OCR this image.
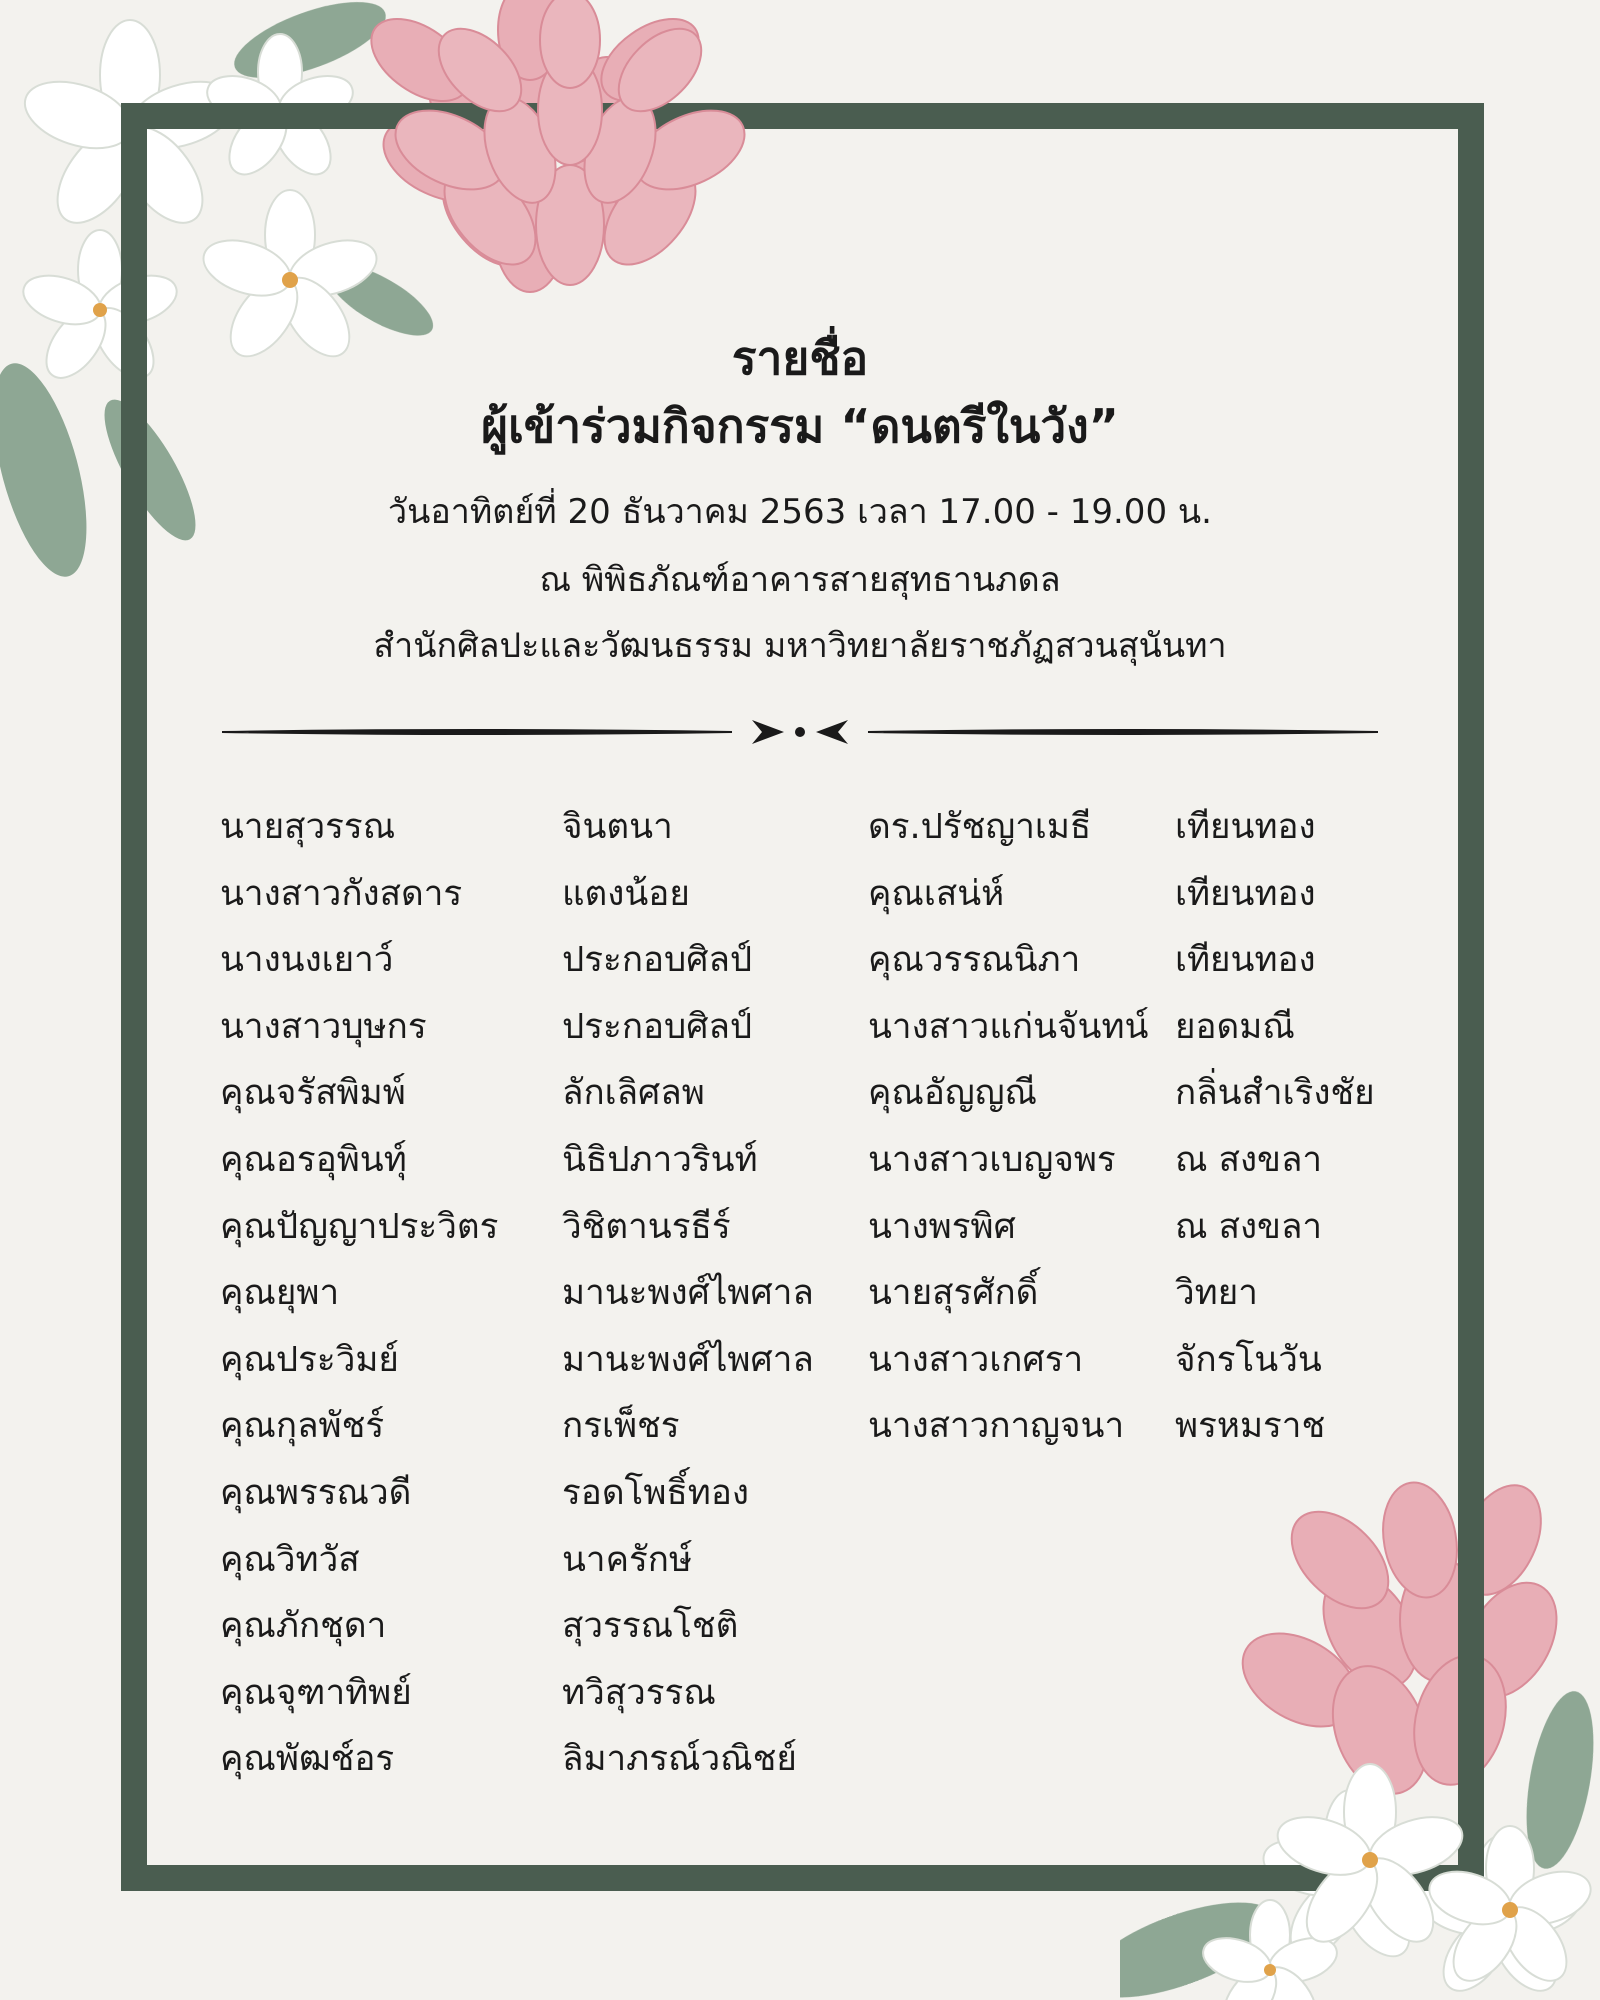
รายชื่อ
ผู้เข้าร่วมกิจกรรม “ดนตรีในวัง”
วันอาทิตย์ที่ 20 ธันวาคม 2563 เวลา 17.00 - 19.00 น.
ณ พิพิธภัณฑ์อาคารสายสุทธานภดล
สำนักศิลปะและวัฒนธรรม มหาวิทยาลัยราชภัฏสวนสุนันทา
นายสุวรรณ
นางสาวกังสดาร
นางนงเยาว์
นางสาวบุษกร
คุณจรัสพิมพ์
คุณอรอุพินทุ์
คุณปัญญาประวิตร
คุณยุพา
คุณประวิมย์
คุณกุลพัชร์
คุณพรรณวดี
คุณวิทวัส
คุณภักชุดา
คุณจุฑาทิพย์
คุณพัฒช์อร
จินตนา
แตงน้อย
ประกอบศิลป์
ประกอบศิลป์
ลักเลิศลพ
นิธิปภาวรินท์
วิชิตานรธีร์
มานะพงศ์ไพศาล
มานะพงศ์ไพศาล
กรเพ็ชร
รอดโพธิ์ทอง
นาครักษ์
สุวรรณโชติ
ทวิสุวรรณ
ลิมาภรณ์วณิชย์
ดร.ปรัชญาเมธี
คุณเสน่ห์
คุณวรรณนิภา
นางสาวแก่นจันทน์
คุณอัญญณี
นางสาวเบญจพร
นางพรพิศ
นายสุรศักดิ์
นางสาวเกศรา
นางสาวกาญจนา
เทียนทอง
เทียนทอง
เทียนทอง
ยอดมณี
กลิ่นสำเริงชัย
ณ สงขลา
ณ สงขลา
วิทยา
จักรโนวัน
พรหมราช
